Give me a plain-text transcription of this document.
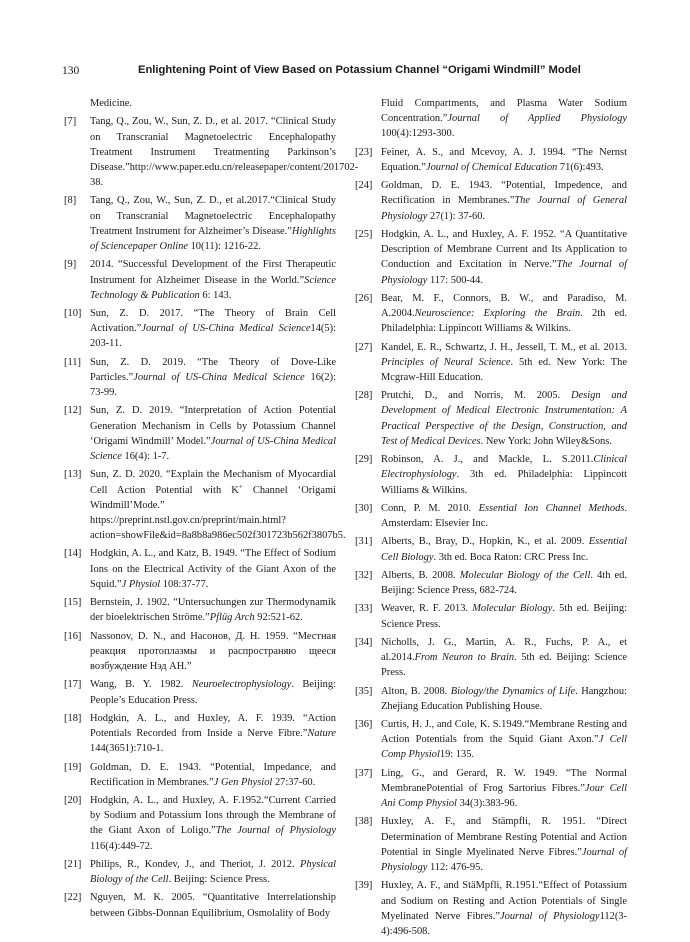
130	Enlightening Point of View Based on Potassium Channel “Origami Windmill” Model
Medicine.
[7] Tang, Q., Zou, W., Sun, Z. D., et al. 2017. “Clinical Study on Transcranial Magnetoelectric Encephalopathy Treatment Instrument Treatmenting Parkinson’s Disease.”http://www.paper.edu.cn/releasepaper/content/201702-38.
[8] Tang, Q., Zou, W., Sun, Z. D., et al.2017.“Clinical Study on Transcranial Magnetoelectric Encephalopathy Treatment Instrument for Alzheimer’s Disease.”Highlights of Sciencepaper Online 10(11): 1216-22.
[9] 2014. “Successful Development of the First Therapeutic Instrument for Alzheimer Disease in the World.”Science Technology & Publication 6: 143.
[10] Sun, Z. D. 2017. “The Theory of Brain Cell Activation.”Journal of US-China Medical Science14(5): 203-11.
[11] Sun, Z. D. 2019. “The Theory of Dove-Like Particles.”Journal of US-China Medical Science 16(2): 73-99.
[12] Sun, Z. D. 2019. “Interpretation of Action Potential Generation Mechanism in Cells by Potassium Channel ‘Origami Windmill’ Model.”Journal of US-China Medical Science 16(4): 1-7.
[13] Sun, Z. D. 2020. “Explain the Mechanism of Myocardial Cell Action Potential with K+ Channel ‘Origami Windmill’Mode.” https://preprint.nstl.gov.cn/preprint/main.html?action=showFile&id=8a8b8a986ec502f301723b562f3807b5.
[14] Hodgkin, A. L., and Katz, B. 1949. “The Effect of Sodium Ions on the Electrical Activity of the Giant Axon of the Squid.”J Physiol 108:37-77.
[15] Bernstein, J. 1902. “Untersuchungen zur Thermodynamik der bioelektrischen Ströme.”Pflüg Arch 92:521-62.
[16] Nassonov, D. N., and Насонов, Д. Н. 1959. “Местная реакция протоплазмы и распространяю щееся возбуждение Нэд АН.”
[17] Wang, B. Y. 1982. Neuroelectrophysiology. Beijing: People’s Education Press.
[18] Hodgkin, A. L., and Huxley, A. F. 1939. “Action Potentials Recorded from Inside a Nerve Fibre.”Nature 144(3651):710-1.
[19] Goldman, D. E. 1943. “Potential, Impedance, and Rectification in Membranes.”J Gen Physiol 27:37-60.
[20] Hodgkin, A. L., and Huxley, A. F.1952.“Current Carried by Sodium and Potassium Ions through the Membrane of the Giant Axon of Loligo.”The Journal of Physiology 116(4):449-72.
[21] Philips, R., Kondev, J., and Theriot, J. 2012. Physical Biology of the Cell. Beijing: Science Press.
[22] Nguyen, M. K. 2005. “Quantitative Interrelationship between Gibbs-Donnan Equilibrium, Osmolality of Body
Fluid Compartments, and Plasma Water Sodium Concentration.”Journal of Applied Physiology 100(4):1293-300.
[23] Feiner, A. S., and Mcevoy, A. J. 1994. “The Nernst Equation.”Journal of Chemical Education 71(6):493.
[24] Goldman, D. E. 1943. “Potential, Impedence, and Rectification in Membranes.”The Journal of General Physiology 27(1): 37-60.
[25] Hodgkin, A. L., and Huxley, A. F. 1952. “A Quantitative Description of Membrane Current and Its Application to Conduction and Excitation in Nerve.”The Journal of Physiology 117: 500-44.
[26] Bear, M. F., Connors, B. W., and Paradiso, M. A.2004.Neuroscience: Exploring the Brain. 2th ed. Philadelphia: Lippincott Williams & Wilkins.
[27] Kandel, E. R., Schwartz, J. H., Jessell, T. M., et al. 2013. Principles of Neural Science. 5th ed. New York: The Mcgraw-Hill Education.
[28] Prutchi, D., and Norris, M. 2005. Design and Development of Medical Electronic Instrumentation: A Practical Perspective of the Design, Construction, and Test of Medical Devices. New York: John Wiley&Sons.
[29] Robinson, A. J., and Mackle, L. S.2011.Clinical Electrophysiology. 3th ed. Philadelphia: Lippincott Williams & Wilkins.
[30] Conn, P. M. 2010. Essential Ion Channel Methods. Amsterdam: Elsevier Inc.
[31] Alberts, B., Bray, D., Hopkin, K., et al. 2009. Essential Cell Biology. 3th ed. Boca Raton: CRC Press Inc.
[32] Alberts, B. 2008. Molecular Biology of the Cell. 4th ed. Beijing: Science Press, 682-724.
[33] Weaver, R. F. 2013. Molecular Biology. 5th ed. Beijing: Science Press.
[34] Nicholls, J. G., Martin, A. R., Fuchs, P. A., et al.2014.From Neuron to Brain. 5th ed. Beijing: Science Press.
[35] Alton, B. 2008. Biology/the Dynamics of Life. Hangzhou: Zhejiang Education Publishing House.
[36] Curtis, H. J., and Cole, K. S.1949.“Membrane Resting and Action Potentials from the Squid Giant Axon.”J Cell Comp Physiol19: 135.
[37] Ling, G., and Gerard, R. W. 1949. “The Normal MembranePotential of Frog Sartorius Fibres.”Jour Cell Ani Comp Physiol 34(3):383-96.
[38] Huxley, A. F., and Stämpfli, R. 1951. “Direct Determination of Membrane Resting Potential and Action Potential in Single Myelinated Nerve Fibres.”Journal of Physiology 112: 476-95.
[39] Huxley, A. F., and StäMpfli, R.1951.“Effect of Potassium and Sodium on Resting and Action Potentials of Single Myelinated Nerve Fibres.”Journal of Physiology112(3-4):496-508.
